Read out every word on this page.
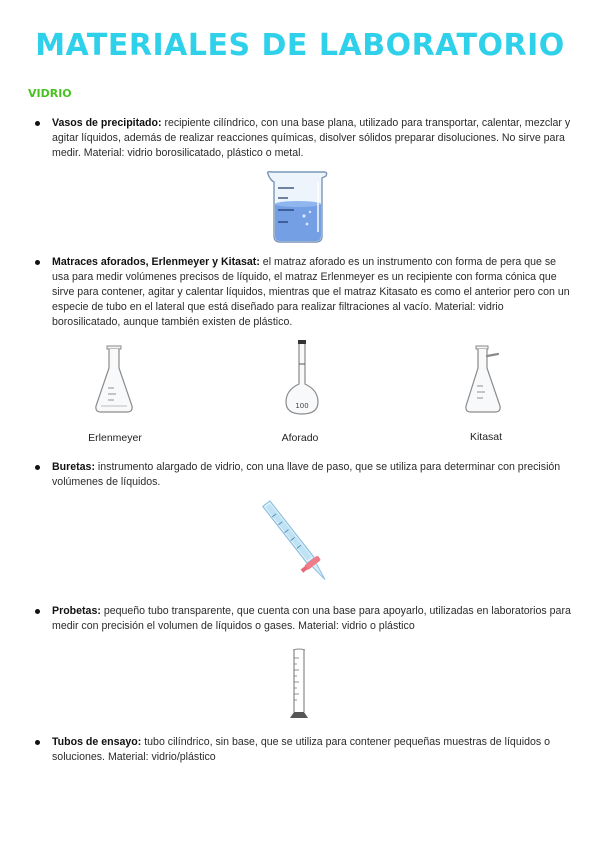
MATERIALES DE LABORATORIO
VIDRIO
Vasos de precipitado: recipiente cilíndrico, con una base plana, utilizado para transportar, calentar, mezclar y agitar líquidos, además de realizar reacciones químicas, disolver sólidos preparar disoluciones. No sirve para medir. Material: vidrio borosilicatado, plástico o metal.
Matraces aforados, Erlenmeyer y Kitasat: el matraz aforado es un instrumento con forma de pera que se usa para medir volúmenes precisos de líquido, el matraz Erlenmeyer es un recipiente con forma cónica que sirve para contener, agitar y calentar líquidos, mientras que el matraz Kitasato es como el anterior pero con un especie de tubo en el lateral que está diseñado para realizar filtraciones al vacío. Material: vidrio borosilicatado, aunque también existen de plástico.
Erlenmeyer
100
Aforado	Kitasat
Buretas: instrumento alargado de vidrio, con una llave de paso, que se utiliza para determinar con precisión volúmenes de líquidos.
Probetas: pequeño tubo transparente, que cuenta con una base para apoyarlo, utilizadas en laboratorios para medir con precisión el volumen de líquidos o gases. Material: vidrio o plástico
Tubos de ensayo: tubo cilíndrico, sin base, que se utiliza para contener pequeñas muestras de líquidos o soluciones. Material: vidrio/plástico
